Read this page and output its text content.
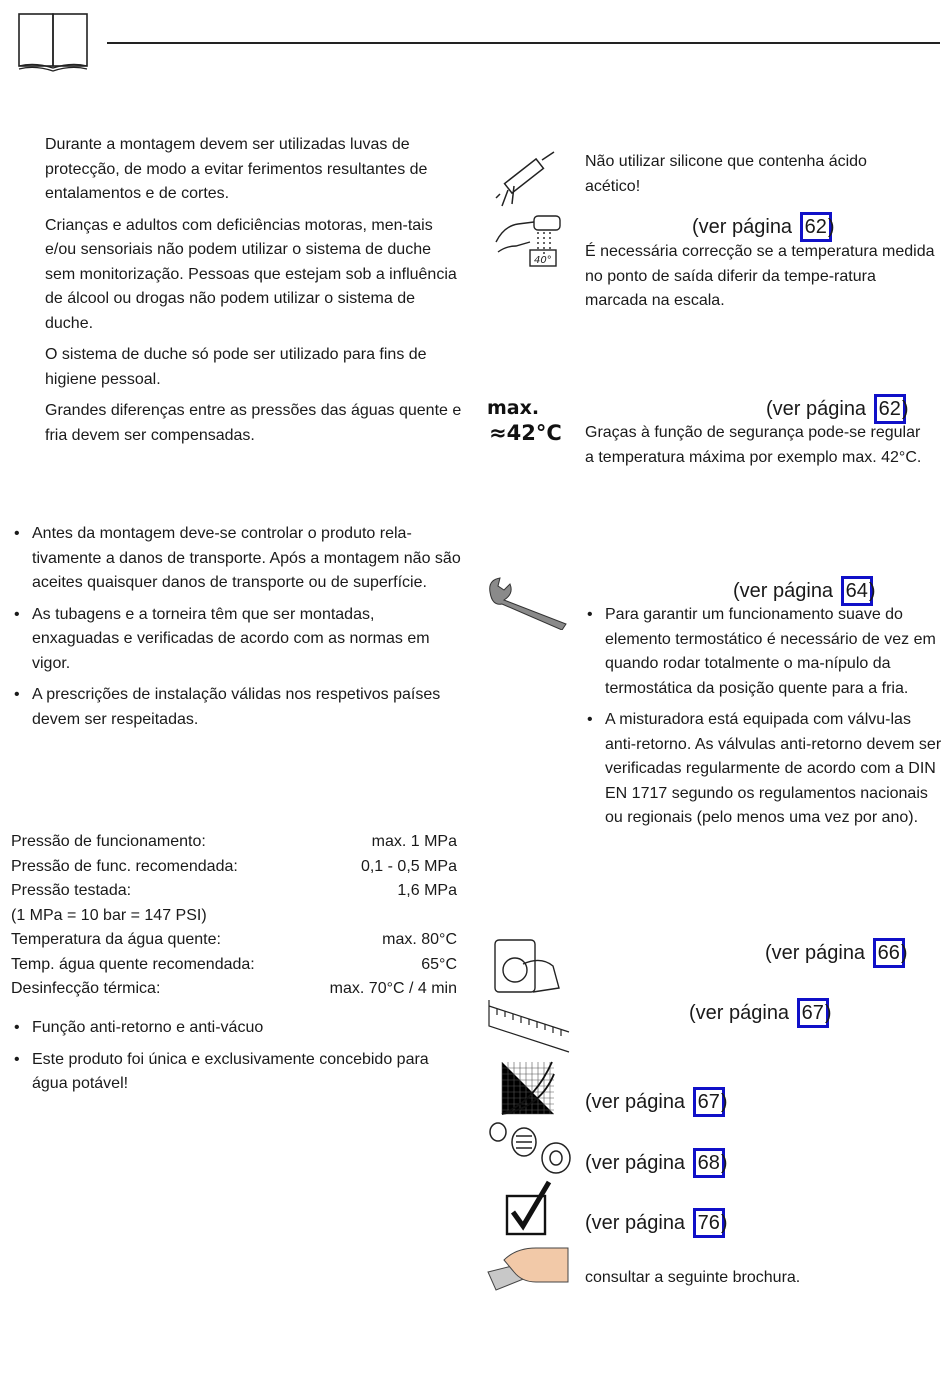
Durante a montagem devem ser utilizadas luvas de protecção, de modo a evitar ferimentos resultantes de entalamentos e de cortes.

Crianças e adultos com deficiências motoras, men-tais e/ou sensoriais não podem utilizar o sistema de duche sem monitorização. Pessoas que estejam sob a influência de álcool ou drogas não podem utilizar o sistema de duche.

O sistema de duche só pode ser utilizado para fins de higiene pessoal.

Grandes diferenças entre as pressões das águas quente e fria devem ser compensadas.

• Antes da montagem deve-se controlar o produto rela-tivamente a danos de transporte. Após a montagem não são aceites quaisquer danos de transporte ou de superfície.

• As tubagens e a torneira têm que ser montadas, enxaguadas e verificadas de acordo com as normas em vigor.

• A prescrições de instalação válidas nos respetivos países devem ser respeitadas.

Pressão de funcionamento:	max. 1 MPa
Pressão de func. recomendada:	0,1 - 0,5 MPa
Pressão testada:	1,6 MPa
(1 MPa = 10 bar = 147 PSI)
Temperatura da água quente:	max. 80°C
Temp. água quente recomendada:	65°C
Desinfecção térmica:	max. 70°C / 4 min

• Função anti-retorno e anti-vácuo

• Este produto foi única e exclusivamente concebido para água potável!

Não utilizar silicone que contenha ácido acético!

(ver página 62)
40°

É necessária correcção se a temperatura medida no ponto de saída diferir da tempe-ratura marcada na escala.

max.
≈42°C
(ver página 62)

Graças à função de segurança pode-se regular a temperatura máxima por exemplo max. 42°C.

(ver página 64)

• Para garantir um funcionamento suave do elemento termostático é necessário de vez em quando rodar totalmente o ma-nípulo da termostática da posição quente para a fria.

• A misturadora está equipada com válvu-las anti-retorno. As válvulas anti-retorno devem ser verificadas regularmente de acordo com a DIN EN 1717 segundo os regulamentos nacionais ou regionais (pelo menos uma vez por ano).

(ver página 66)
(ver página 67)
(ver página 67)
(ver página 68)
(ver página 76)

consultar a seguinte brochura.
